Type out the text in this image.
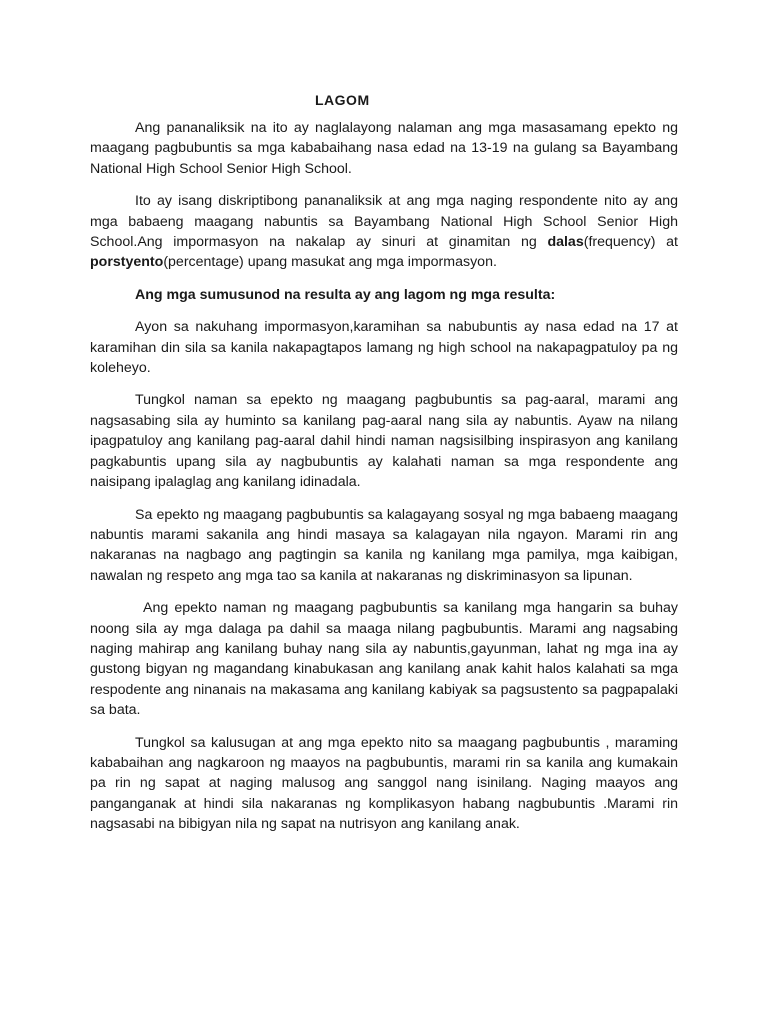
LAGOM

Ang pananaliksik na ito ay naglalayong nalaman ang mga masasamang epekto ng maagang pagbubuntis sa mga kababaihang nasa edad na 13-19 na gulang sa Bayambang National High School Senior High School.

Ito ay isang diskriptibong pananaliksik at ang mga naging respondente nito ay ang mga babaeng maagang nabuntis sa Bayambang National High School Senior High School.Ang impormasyon na nakalap ay sinuri at ginamitan ng dalas(frequency) at porstyento(percentage) upang masukat ang mga impormasyon.

Ang mga sumusunod na resulta ay ang lagom ng mga resulta:

Ayon sa nakuhang impormasyon,karamihan sa nabubuntis ay nasa edad na 17 at karamihan din sila sa kanila nakapagtapos lamang ng high school na nakapagpatuloy pa ng koleheyo.

Tungkol naman sa epekto ng maagang pagbubuntis sa pag-aaral, marami ang nagsasabing sila ay huminto sa kanilang pag-aaral nang sila ay nabuntis. Ayaw na nilang ipagpatuloy ang kanilang pag-aaral dahil hindi naman nagsisilbing inspirasyon ang kanilang pagkabuntis upang sila ay nagbubuntis ay kalahati naman sa mga respondente ang naisipang ipalaglag ang kanilang idinadala.

Sa epekto ng maagang pagbubuntis sa kalagayang sosyal ng mga babaeng maagang nabuntis marami sakanila ang hindi masaya sa kalagayan nila ngayon. Marami rin ang nakaranas na nagbago ang pagtingin sa kanila ng kanilang mga pamilya, mga kaibigan, nawalan ng respeto ang mga tao sa kanila at nakaranas ng diskriminasyon sa lipunan.

Ang epekto naman ng maagang pagbubuntis sa kanilang mga hangarin sa buhay noong sila ay mga dalaga pa dahil sa maaga nilang pagbubuntis. Marami ang nagsabing naging mahirap ang kanilang buhay nang sila ay nabuntis,gayunman, lahat ng mga ina ay gustong bigyan ng magandang kinabukasan ang kanilang anak kahit halos kalahati sa mga respodente ang ninanais na makasama ang kanilang kabiyak sa pagsustento sa pagpapalaki sa bata.

Tungkol sa kalusugan at ang mga epekto nito sa maagang pagbubuntis , maraming kababaihan ang nagkaroon ng maayos na pagbubuntis, marami rin sa kanila ang kumakain pa rin ng sapat at naging malusog ang sanggol nang isinilang. Naging maayos ang panganganak at hindi sila nakaranas ng komplikasyon habang nagbubuntis .Marami rin nagsasabi na bibigyan nila ng sapat na nutrisyon ang kanilang anak.
